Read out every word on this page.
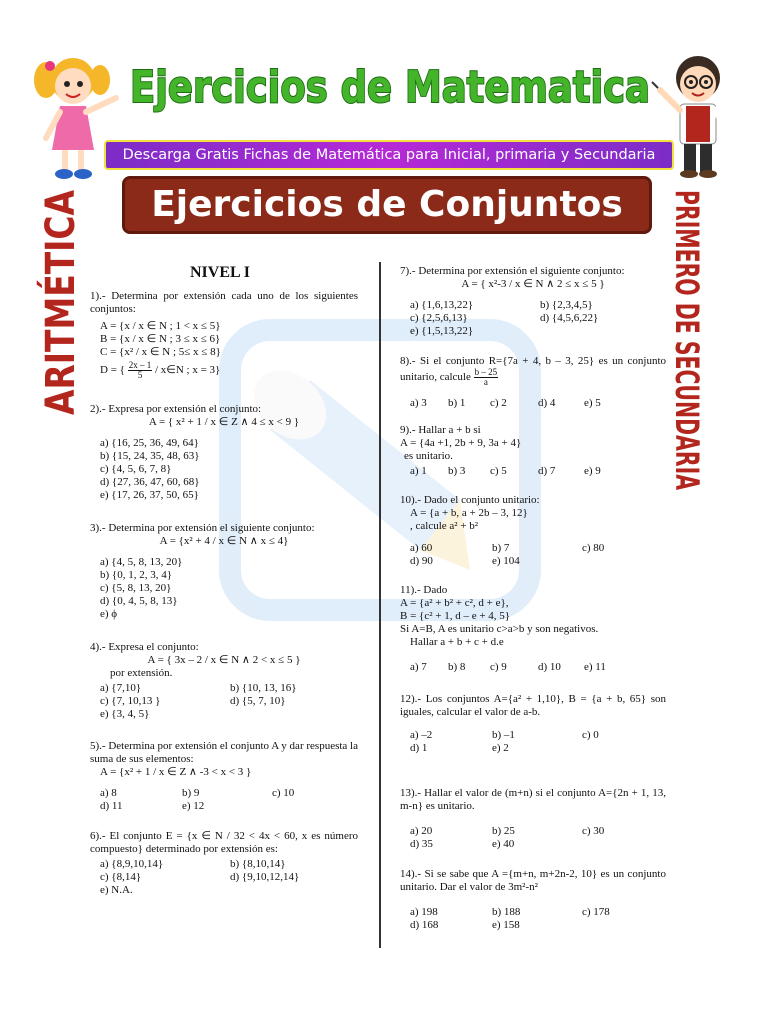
Ejercicios de Matematica
Descarga Gratis Fichas de Matemática para Inicial, primaria y Secundaria
Ejercicios de Conjuntos
ARITMÉTICA	PRIMERO DE SECUNDARIA
NIVEL I

1).- Determina por extensión cada uno de los siguientes conjuntos:

A = {x / x ∈ N ; 1 < x ≤ 5}

B = {x / x ∈ N ; 3 ≤ x ≤ 6}

C = {x² / x ∈ N ; 5≤ x ≤ 8}

D = { $\frac{2x - 1}{5}$ / x∈N ; x = 3}

2).- Expresa por extensión el conjunto:

A = { x² + 1 / x ∈ Z ∧ 4 ≤ x < 9 }

a) {16, 25, 36, 49, 64}

b) {15, 24, 35, 48, 63}

c) {4, 5, 6, 7, 8}

d) {27, 36, 47, 60, 68}

e) {17, 26, 37, 50, 65}

3).- Determina por extensión el siguiente conjunto:

A = {x² + 4 / x ∈ N ∧ x ≤ 4}

a) {4, 5, 8, 13, 20}

b) {0, 1, 2, 3, 4}

c) {5, 8, 13, 20}

d) {0, 4, 5, 8, 13}

e) ϕ

4).- Expresa el conjunto:

A = { 3x – 2 / x ∈ N ∧ 2 < x ≤ 5 }

por extensión.

a) {7,10}	b) {10, 13, 16}

c) {7, 10,13 }	d) {5, 7, 10}

e) {3, 4, 5}

5).- Determina por extensión el conjunto A y dar respuesta la suma de sus elementos:

A = {x² + 1 / x ∈ Z ∧ -3 < x < 3 }

a) 8	b) 9	c) 10

d) 11	e) 12

6).- El conjunto E = {x ∈ N / 32 < 4x < 60, x es número compuesto} determinado por extensión es:

a) {8,9,10,14}	b) {8,10,14}

c) {8,14}	d) {9,10,12,14}

e) N.A.

7).- Determina por extensión el siguiente conjunto:

A = { x²-3 / x ∈ N ∧ 2 ≤ x ≤ 5 }

a) {1,6,13,22}	b) {2,3,4,5}

c) {2,5,6,13}	d) {4,5,6,22}

e) {1,5,13,22}

8).- Si el conjunto R={7a + 4, b – 3, 25} es un conjunto unitario, calcule $\frac{b - 25}{a}$

a) 3	b) 1	c) 2	d) 4	e) 5

9).- Hallar a + b si

A = {4a +1, 2b + 9, 3a + 4}

es unitario.

a) 1	b) 3	c) 5	d) 7	e) 9

10).- Dado el conjunto unitario:

A = {a + b, a + 2b – 3, 12}

, calcule a² + b²

a) 60	b) 7	c) 80

d) 90	e) 104

11).- Dado

A = {a² + b² + c², d + e},

B = {c² + 1, d – e + 4, 5}

Si A=B, A es unitario c>a>b y son negativos.

Hallar a + b + c + d.e

a) 7	b) 8	c) 9	d) 10	e) 11

12).- Los conjuntos A={a² + 1,10}, B = {a + b, 65} son iguales, calcular el valor de a-b.

a) –2	b) –1	c) 0

d) 1	e) 2

13).- Hallar el valor de (m+n) si el conjunto A={2n + 1, 13, m-n} es unitario.

a) 20	b) 25	c) 30

d) 35	e) 40

14).- Si se sabe que A ={m+n, m+2n-2, 10} es un conjunto unitario. Dar el valor de 3m²-n²

a) 198	b) 188	c) 178

d) 168	e) 158
